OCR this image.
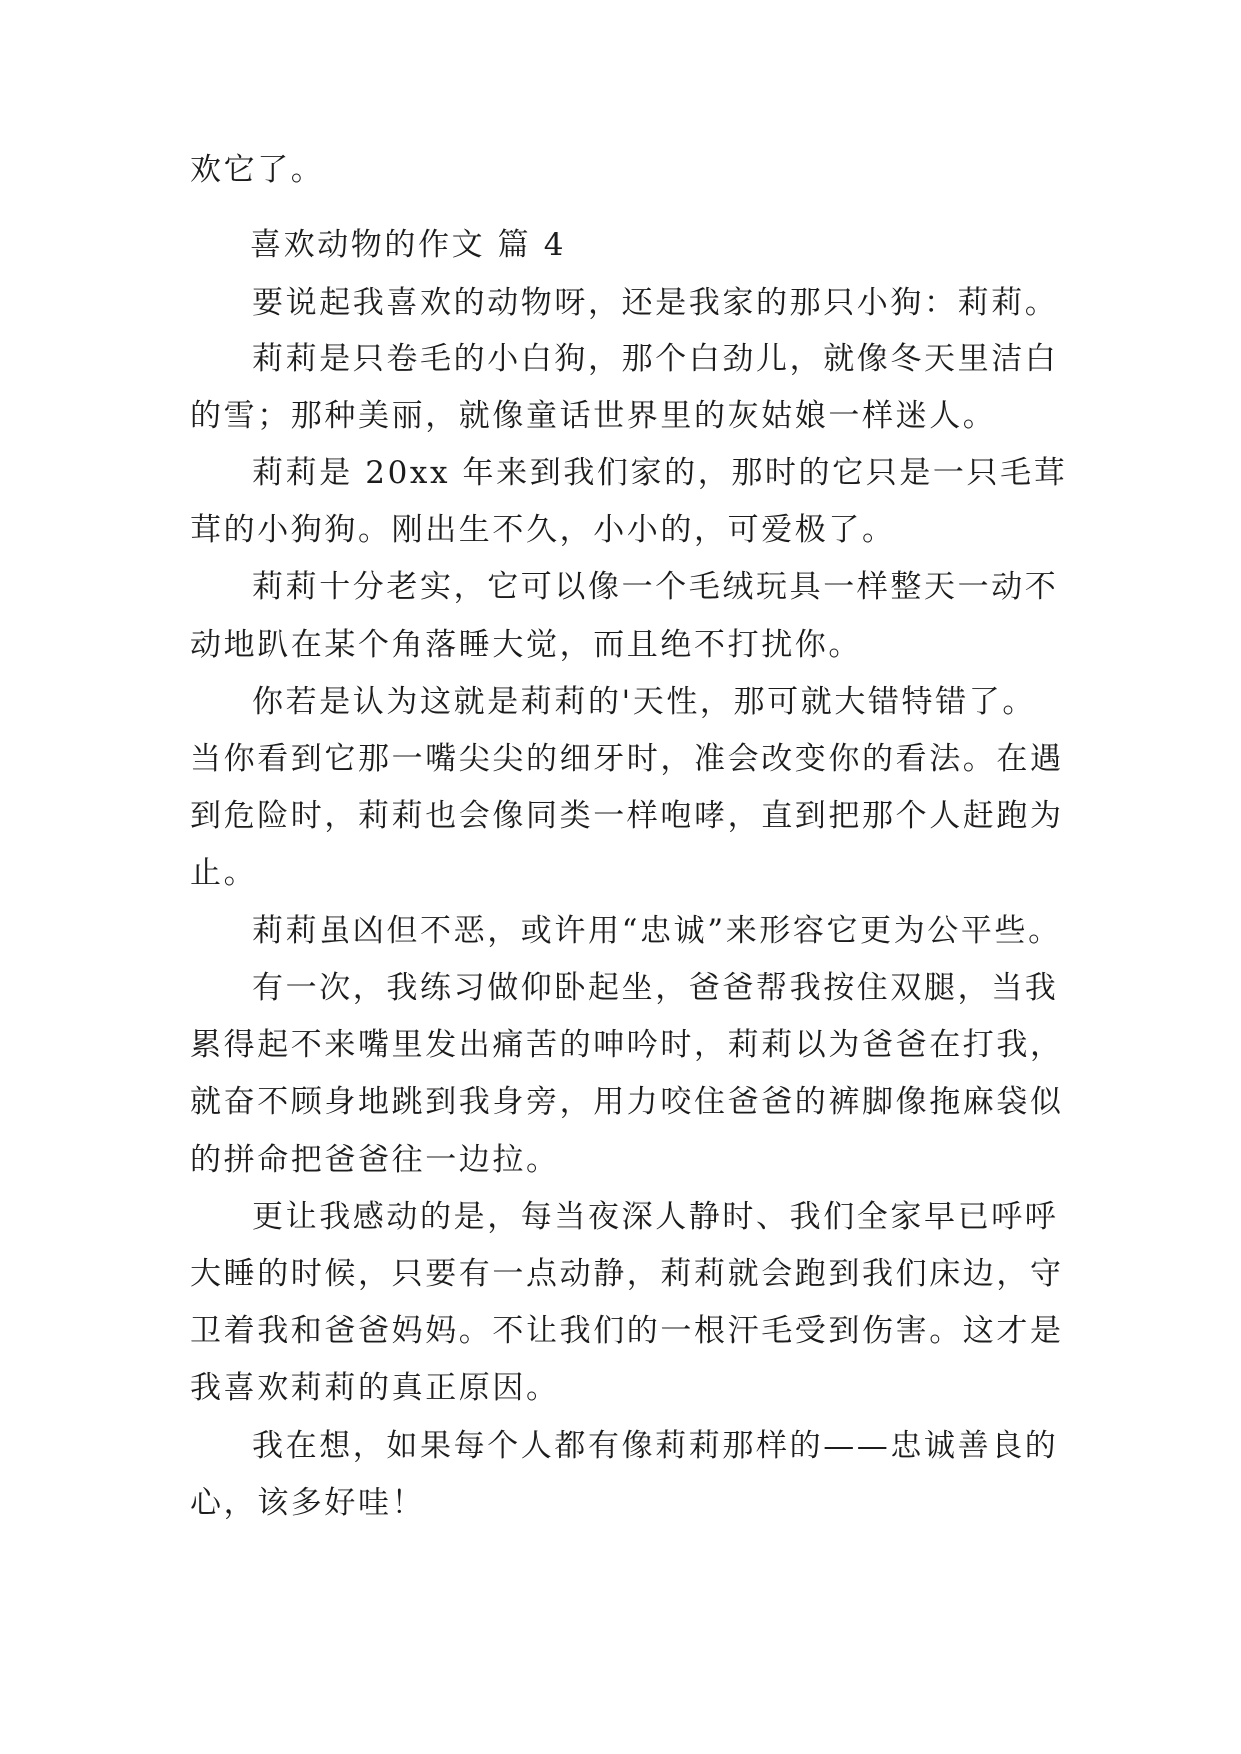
欢它了。
喜欢动物的作文 篇 4
要说起我喜欢的动物呀，还是我家的那只小狗：莉莉。
莉莉是只卷毛的小白狗，那个白劲儿，就像冬天里洁白
的雪；那种美丽，就像童话世界里的灰姑娘一样迷人。
莉莉是 20xx 年来到我们家的，那时的它只是一只毛茸
茸的小狗狗。刚出生不久，小小的，可爱极了。
莉莉十分老实，它可以像一个毛绒玩具一样整天一动不
动地趴在某个角落睡大觉，而且绝不打扰你。
你若是认为这就是莉莉的'天性，那可就大错特错了。
当你看到它那一嘴尖尖的细牙时，准会改变你的看法。在遇
到危险时，莉莉也会像同类一样咆哮，直到把那个人赶跑为
止。
莉莉虽凶但不恶，或许用“忠诚”来形容它更为公平些。
有一次，我练习做仰卧起坐，爸爸帮我按住双腿，当我
累得起不来嘴里发出痛苦的呻吟时，莉莉以为爸爸在打我，
就奋不顾身地跳到我身旁，用力咬住爸爸的裤脚像拖麻袋似
的拼命把爸爸往一边拉。
更让我感动的是，每当夜深人静时、我们全家早已呼呼
大睡的时候，只要有一点动静，莉莉就会跑到我们床边，守
卫着我和爸爸妈妈。不让我们的一根汗毛受到伤害。这才是
我喜欢莉莉的真正原因。
我在想，如果每个人都有像莉莉那样的——忠诚善良的
心，该多好哇！
